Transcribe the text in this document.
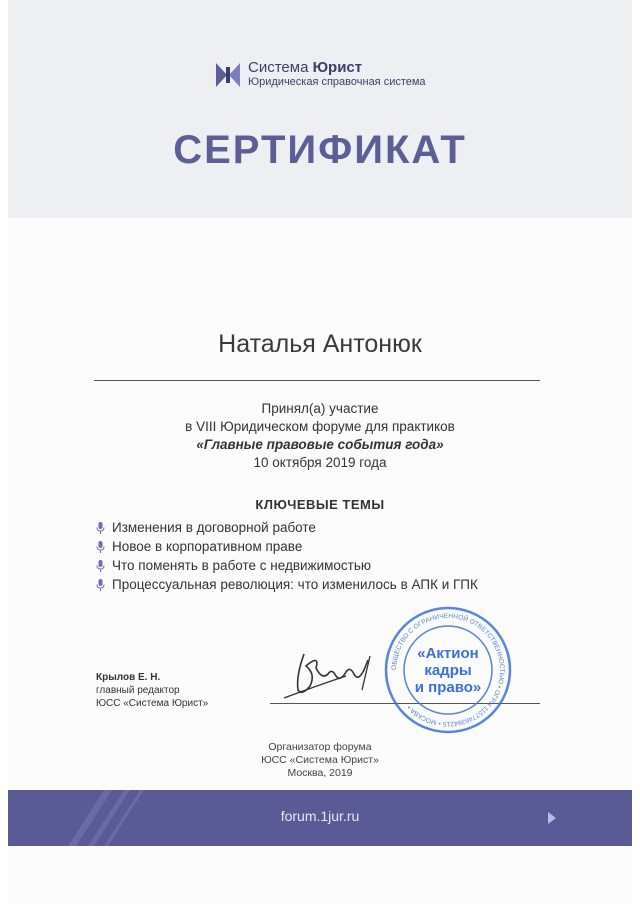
Система Юрист
Юридическая справочная система
СЕРТИФИКАТ
Наталья Антонюк
Принял(а) участие
в VIII Юридическом форуме для практиков
«Главные правовые события года»
10 октября 2019 года
КЛЮЧЕВЫЕ ТЕМЫ
Изменения в договорной работе
Новое в корпоративном праве
Что поменять в работе с недвижимостью
Процессуальная революция: что изменилось в АПК и ГПК
Крылов Е. Н.
главный редактор
ЮСС «Система Юрист»
ОБЩЕСТВО С ОГРАНИЧЕННОЙ ОТВЕТСТВЕННОСТЬЮ • ОГРН 1157746394215 • МОСКВА •
«Актион
кадры
и право»
Организатор форума
ЮСС «Система Юрист»
Москва, 2019
forum.1jur.ru
